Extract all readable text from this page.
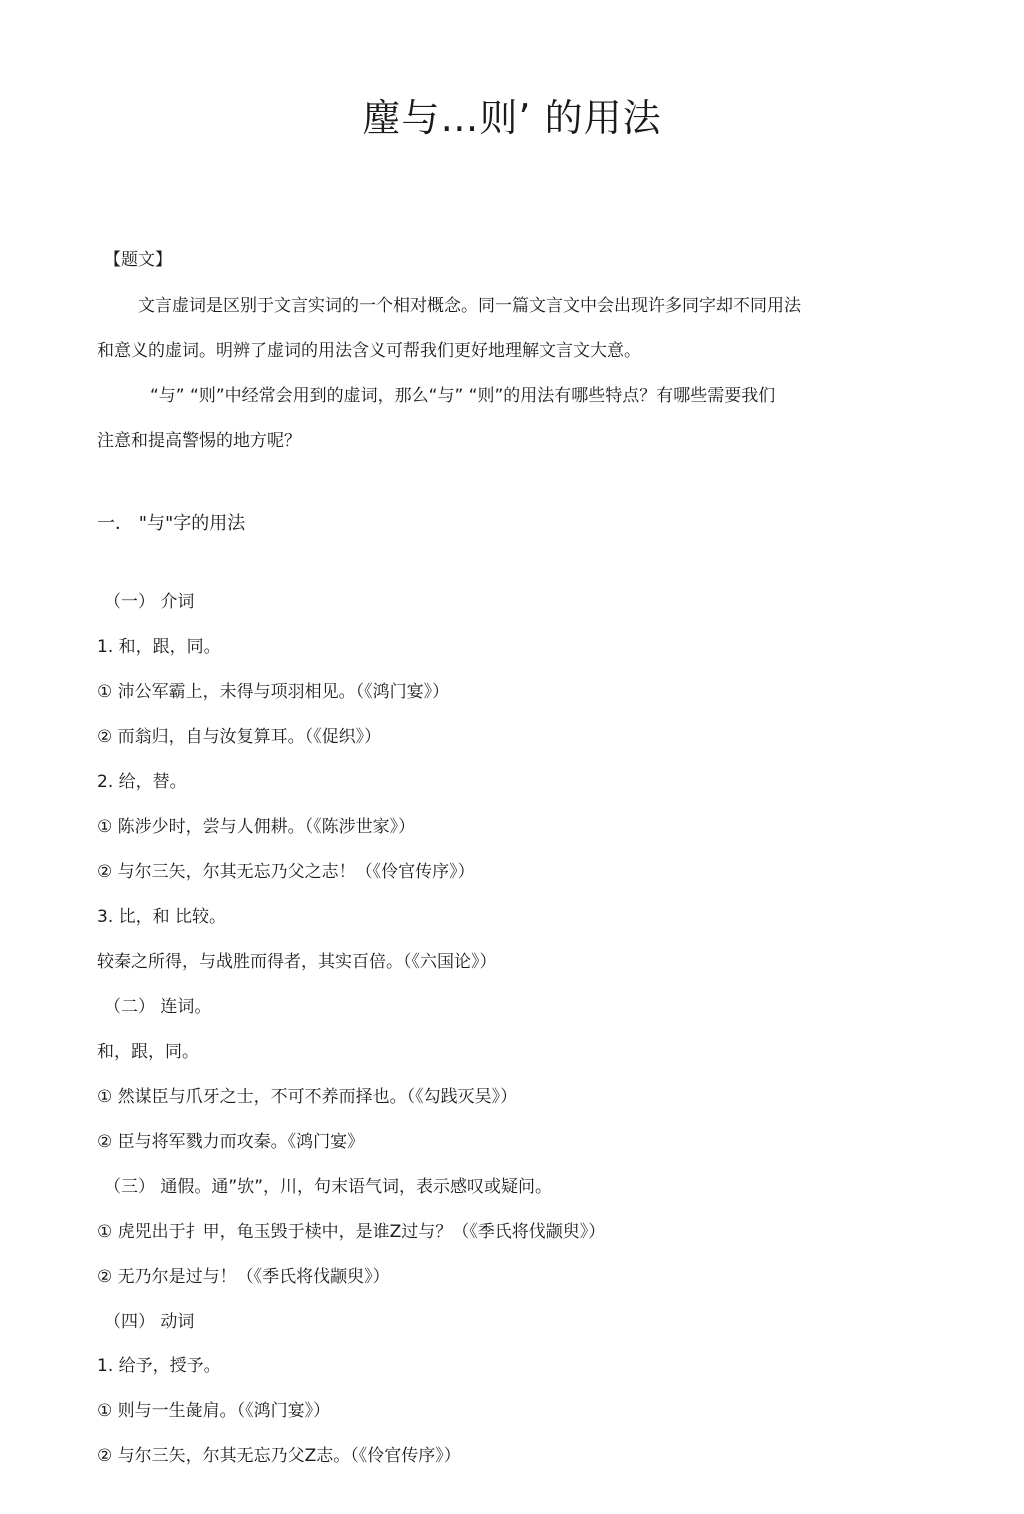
麈与…则’ 的用法
【题文】
文言虚词是区别于文言实词的一个相对概念。同一篇文言文中会出现许多同字却不同用法
和意义的虚词。明辨了虚词的用法含义可帮我们更好地理解文言文大意。
“与” “则”中经常会用到的虚词，那么“与” “则”的用法有哪些特点？有哪些需要我们
注意和提高警惕的地方呢？
一． "与"字的用法
（一） 介词
1. 和，跟，同。
① 沛公军霸上，未得与项羽相见。（《鸿门宴》）
② 而翁归，自与汝复算耳。（《促织》）
2. 给，替。
① 陈涉少时，尝与人佣耕。（《陈涉世家》）
② 与尔三矢，尔其无忘乃父之志！（《伶官传序》）
3. 比，和 比较。
较秦之所得，与战胜而得者，其实百倍。（《六国论》）
（二） 连词。
和，跟，同。
① 然谋臣与爪牙之士，不可不养而择也。（《勾践灭吴》）
② 臣与将军戮力而攻秦。《鸿门宴》
（三） 通假。通”欤”，川，句末语气词，表示感叹或疑问。
① 虎兕出于扌甲，龟玉毁于椟中，是谁Z过与？（《季氏将伐颛臾》）
② 无乃尔是过与！（《季氏将伐颛臾》）
（四） 动词
1. 给予，授予。
① 则与一生彘肩。（《鸿门宴》）
② 与尔三矢，尔其无忘乃父Z志。（《伶官传序》）
